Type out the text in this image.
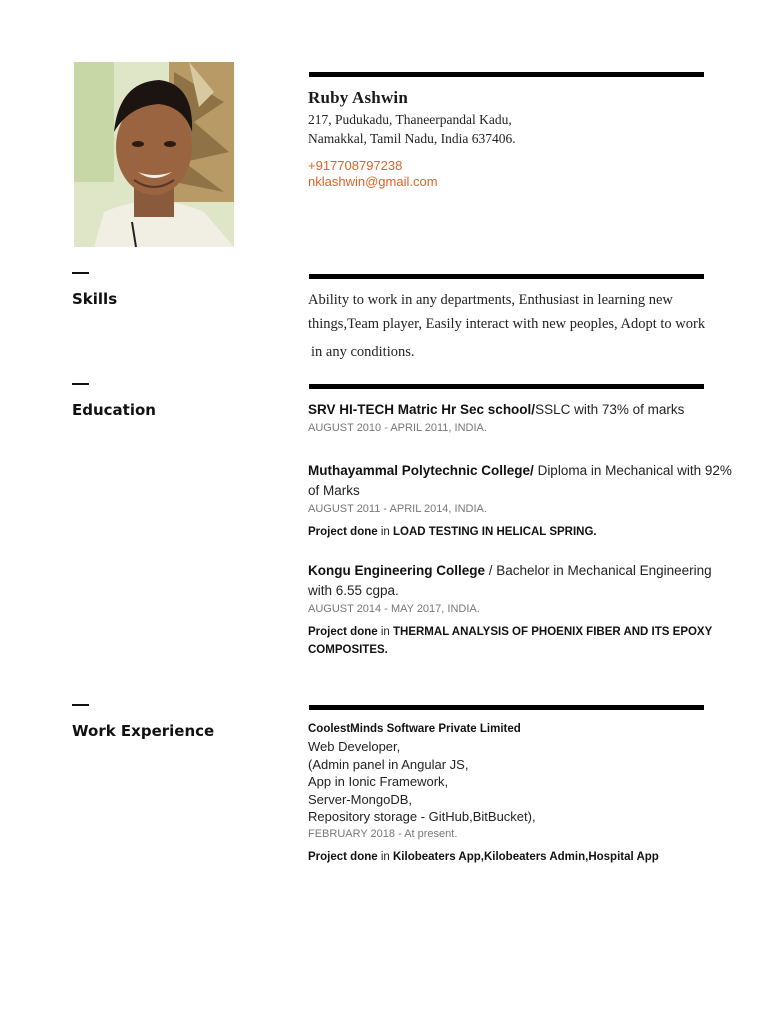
Ruby Ashwin
217, Pudukadu, Thaneerpandal Kadu,
Namakkal, Tamil Nadu, India 637406.
+917708797238
nklashwin@gmail.com
Skills	Ability to work in any departments, Enthusiast in learning new
things,Team player, Easily interact with new peoples, Adopt to work
in any conditions.
Education	SRV HI-TECH Matric Hr Sec school/SSLC with 73% of marks
AUGUST 2010 - APRIL 2011, INDIA.
Muthayammal Polytechnic College/ Diploma in Mechanical with 92% of Marks
AUGUST 2011 - APRIL 2014, INDIA.
Project done in LOAD TESTING IN HELICAL SPRING.
Kongu Engineering College / Bachelor in Mechanical Engineering with 6.55 cgpa.
AUGUST 2014 - MAY 2017, INDIA.
Project done in THERMAL ANALYSIS OF PHOENIX FIBER AND ITS EPOXY COMPOSITES.
Work Experience	CoolestMinds Software Private Limited
Web Developer,
(Admin panel in Angular JS,
App in Ionic Framework,
Server-MongoDB,
Repository storage - GitHub,BitBucket),
FEBRUARY 2018 - At present.
Project done in Kilobeaters App,Kilobeaters Admin,Hospital App
